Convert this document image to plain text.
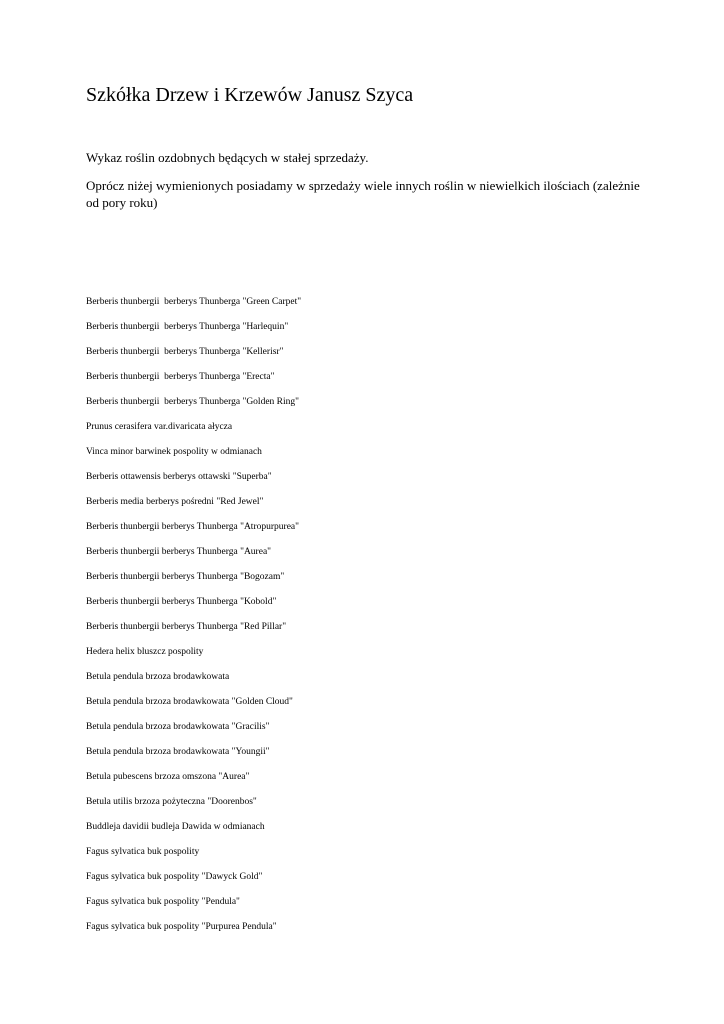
Szkółka Drzew i Krzewów Janusz Szyca

Wykaz roślin ozdobnych będących w stałej sprzedaży.

Oprócz niżej wymienionych posiadamy w sprzedaży wiele innych roślin w niewielkich ilościach (zależnie od pory roku)

Berberis thunbergii  berberys Thunberga "Green Carpet"
Berberis thunbergii  berberys Thunberga "Harlequin"
Berberis thunbergii  berberys Thunberga "Kellerisr"
Berberis thunbergii  berberys Thunberga "Erecta"
Berberis thunbergii  berberys Thunberga "Golden Ring"
Prunus cerasifera var.divaricata ałycza
Vinca minor barwinek pospolity w odmianach
Berberis ottawensis berberys ottawski "Superba"
Berberis media berberys pośredni "Red Jewel"
Berberis thunbergii berberys Thunberga "Atropurpurea"
Berberis thunbergii berberys Thunberga "Aurea"
Berberis thunbergii berberys Thunberga "Bogozam"
Berberis thunbergii berberys Thunberga "Kobold"
Berberis thunbergii berberys Thunberga "Red Pillar"
Hedera helix bluszcz pospolity
Betula pendula brzoza brodawkowata
Betula pendula brzoza brodawkowata "Golden Cloud"
Betula pendula brzoza brodawkowata "Gracilis"
Betula pendula brzoza brodawkowata "Youngii"
Betula pubescens brzoza omszona "Aurea"
Betula utilis brzoza pożyteczna "Doorenbos"
Buddleja davidii budleja Dawida w odmianach
Fagus sylvatica buk pospolity
Fagus sylvatica buk pospolity "Dawyck Gold"
Fagus sylvatica buk pospolity "Pendula"
Fagus sylvatica buk pospolity "Purpurea Pendula"
